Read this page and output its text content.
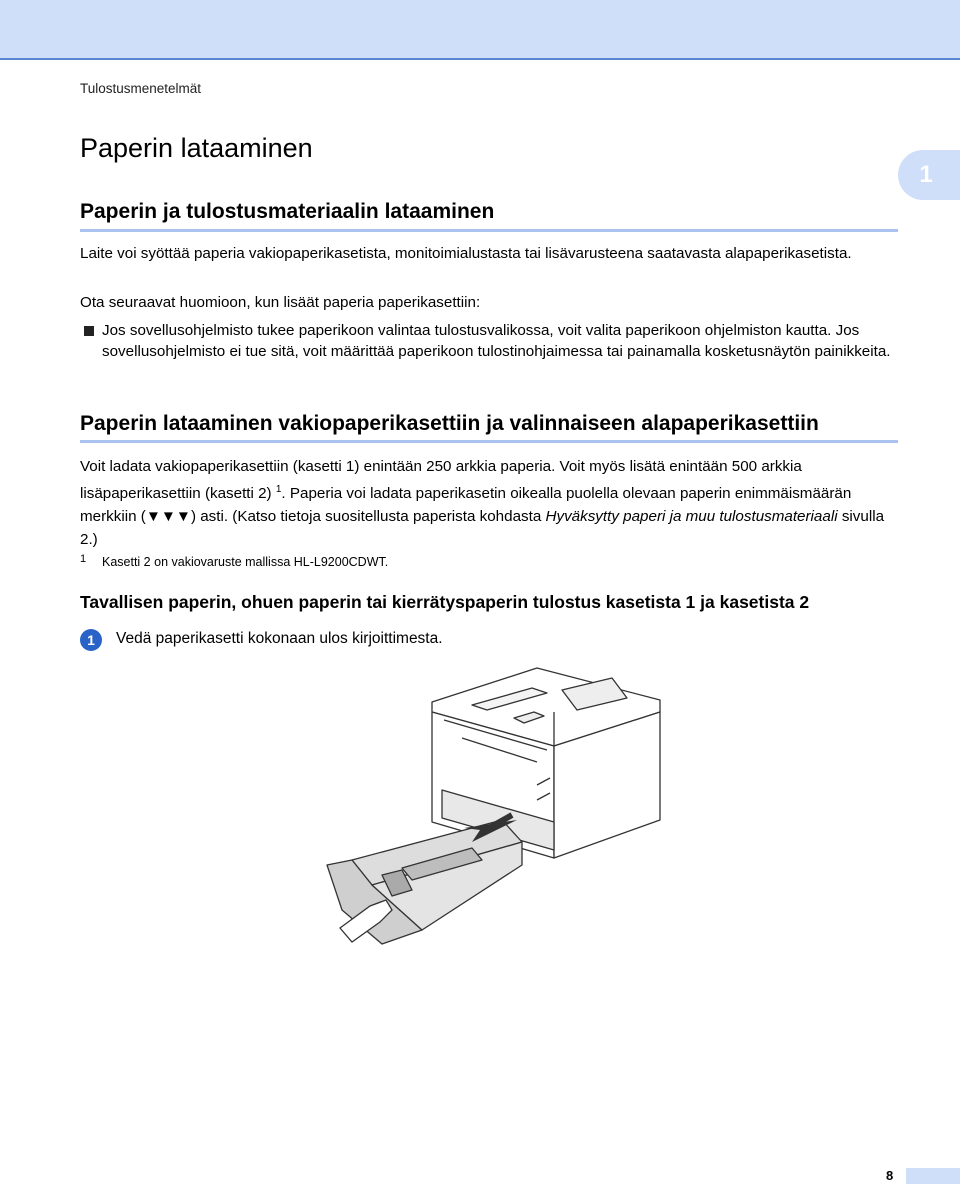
Tulostusmenetelmät
Paperin lataaminen
1
Paperin ja tulostusmateriaalin lataaminen

Laite voi syöttää paperia vakiopaperikasetista, monitoimialustasta tai lisävarusteena saatavasta alapaperikasetista.

Ota seuraavat huomioon, kun lisäät paperia paperikasettiin:

Jos sovellusohjelmisto tukee paperikoon valintaa tulostusvalikossa, voit valita paperikoon ohjelmiston kautta. Jos sovellusohjelmisto ei tue sitä, voit määrittää paperikoon tulostinohjaimessa tai painamalla kosketusnäytön painikkeita.

Paperin lataaminen vakiopaperikasettiin ja valinnaiseen alapaperikasettiin

Voit ladata vakiopaperikasettiin (kasetti 1) enintään 250 arkkia paperia. Voit myös lisätä enintään 500 arkkia lisäpaperikasettiin (kasetti 2) $^1$. Paperia voi ladata paperikasetin oikealla puolella olevaan paperin enimmäismäärän merkkiin (▼▼▼) asti. (Katso tietoja suositellusta paperista kohdasta Hyväksytty paperi ja muu tulostusmateriaali sivulla 2.)

1 Kasetti 2 on vakiovaruste mallissa HL-L9200CDWT.
Tavallisen paperin, ohuen paperin tai kierrätyspaperin tulostus kasetista 1 ja kasetista 2
1	Vedä paperikasetti kokonaan ulos kirjoittimesta.
8
